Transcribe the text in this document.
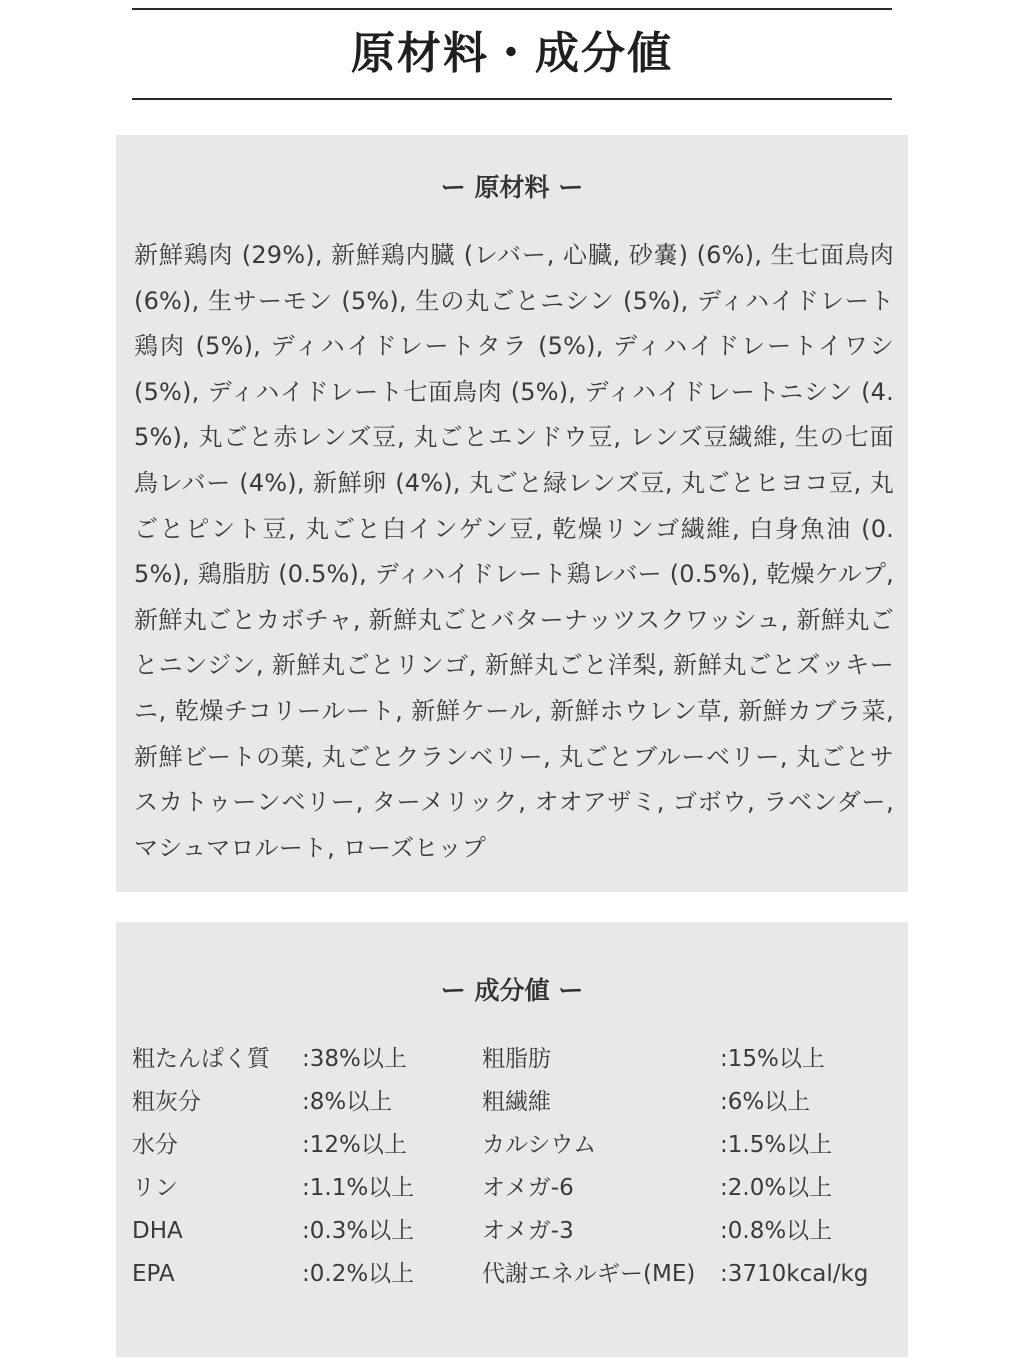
原材料・成分値
ー 原材料 ー
新鮮鶏肉 (29%), 新鮮鶏内臓 (レバー, 心臓, 砂嚢) (6%), 生七面鳥肉 (6%), 生サーモン (5%), 生の丸ごとニシン (5%), ディハイドレート鶏肉 (5%), ディハイドレートタラ (5%), ディハイドレートイワシ (5%), ディハイドレート七面鳥肉 (5%), ディハイドレートニシン (4.5%), 丸ごと赤レンズ豆, 丸ごとエンドウ豆, レンズ豆繊維, 生の七面鳥レバー (4%), 新鮮卵 (4%), 丸ごと緑レンズ豆, 丸ごとヒヨコ豆, 丸ごとピント豆, 丸ごと白インゲン豆, 乾燥リンゴ繊維, 白身魚油 (0.5%), 鶏脂肪 (0.5%), ディハイドレート鶏レバー (0.5%), 乾燥ケルプ, 新鮮丸ごとカボチャ, 新鮮丸ごとバターナッツスクワッシュ, 新鮮丸ごとニンジン, 新鮮丸ごとリンゴ, 新鮮丸ごと洋梨, 新鮮丸ごとズッキーニ, 乾燥チコリールート, 新鮮ケール, 新鮮ホウレン草, 新鮮カブラ菜, 新鮮ビートの葉, 丸ごとクランベリー, 丸ごとブルーベリー, 丸ごとサスカトゥーンベリー, ターメリック, オオアザミ, ゴボウ, ラベンダー, マシュマロルート, ローズヒップ
ー 成分値 ー
粗たんぱく質 :38%以上	粗脂肪	:15%以上
粗灰分	:8%以上	粗繊維	:6%以上
水分	:12%以上	カルシウム	:1.5%以上
リン	:1.1%以上	オメガ-6	:2.0%以上
DHA	:0.3%以上	オメガ-3	:0.8%以上
EPA	:0.2%以上	代謝エネルギー(ME) :3710kcal/kg
